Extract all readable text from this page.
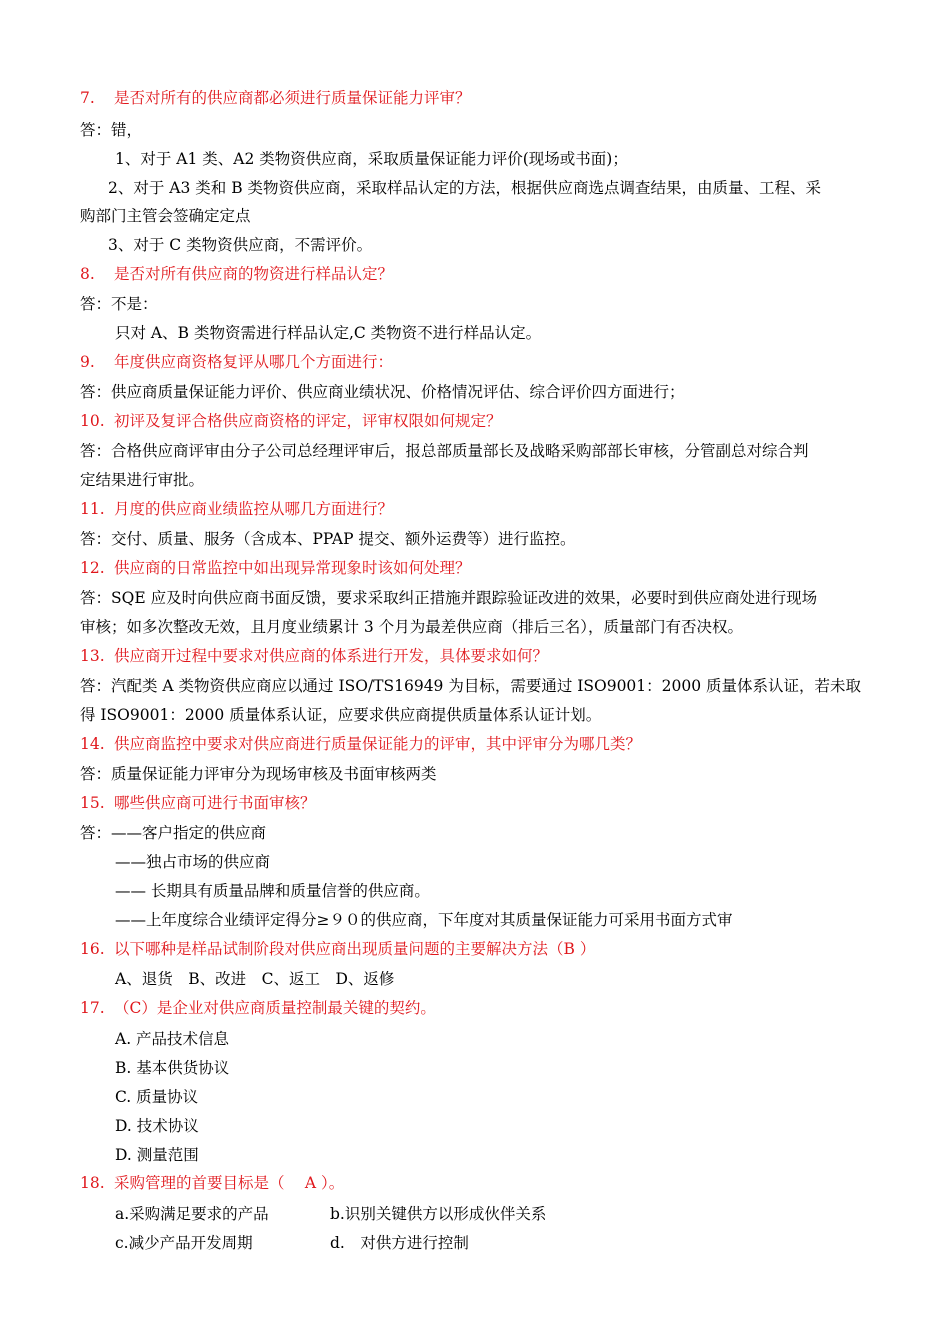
7. 是否对所有的供应商都必须进行质量保证能力评审？
答：错，
1、对于 A1 类、A2 类物资供应商，采取质量保证能力评价(现场或书面)；
2、对于 A3 类和 B 类物资供应商，采取样品认定的方法，根据供应商选点调查结果，由质量、工程、采
购部门主管会签确定定点
3、对于 C 类物资供应商，不需评价。
8. 是否对所有供应商的物资进行样品认定？
答：不是：
只对 A、B 类物资需进行样品认定,C 类物资不进行样品认定。
9. 年度供应商资格复评从哪几个方面进行：
答：供应商质量保证能力评价、供应商业绩状况、价格情况评估、综合评价四方面进行；
10. 初评及复评合格供应商资格的评定，评审权限如何规定？
答：合格供应商评审由分子公司总经理评审后，报总部质量部长及战略采购部部长审核，分管副总对综合判
定结果进行审批。
11. 月度的供应商业绩监控从哪几方面进行？
答：交付、质量、服务（含成本、PPAP 提交、额外运费等）进行监控。
12. 供应商的日常监控中如出现异常现象时该如何处理？
答：SQE 应及时向供应商书面反馈，要求采取纠正措施并跟踪验证改进的效果，必要时到供应商处进行现场
审核；如多次整改无效，且月度业绩累计 3 个月为最差供应商（排后三名），质量部门有否决权。
13. 供应商开过程中要求对供应商的体系进行开发，具体要求如何？
答：汽配类 A 类物资供应商应以通过 ISO/TS16949 为目标，需要通过 ISO9001：2000 质量体系认证，若未取
得 ISO9001：2000 质量体系认证，应要求供应商提供质量体系认证计划。
14. 供应商监控中要求对供应商进行质量保证能力的评审，其中评审分为哪几类？
答：质量保证能力评审分为现场审核及书面审核两类
15. 哪些供应商可进行书面审核？
答：——客户指定的供应商
——独占市场的供应商
—— 长期具有质量品牌和质量信誉的供应商。
——上年度综合业绩评定得分≥９０的供应商，下年度对其质量保证能力可采用书面方式审
16. 以下哪种是样品试制阶段对供应商出现质量问题的主要解决方法（B ）
A、退货　B、改进　C、返工　D、返修
17. （C）是企业对供应商质量控制最关键的契约。
A. 产品技术信息
B. 基本供货协议
C. 质量协议
D. 技术协议
D. 测量范围
18. 采购管理的首要目标是（　 A ）。
a.采购满足要求的产品	b.识别关键供方以形成伙伴关系
c.减少产品开发周期	d.　对供方进行控制
